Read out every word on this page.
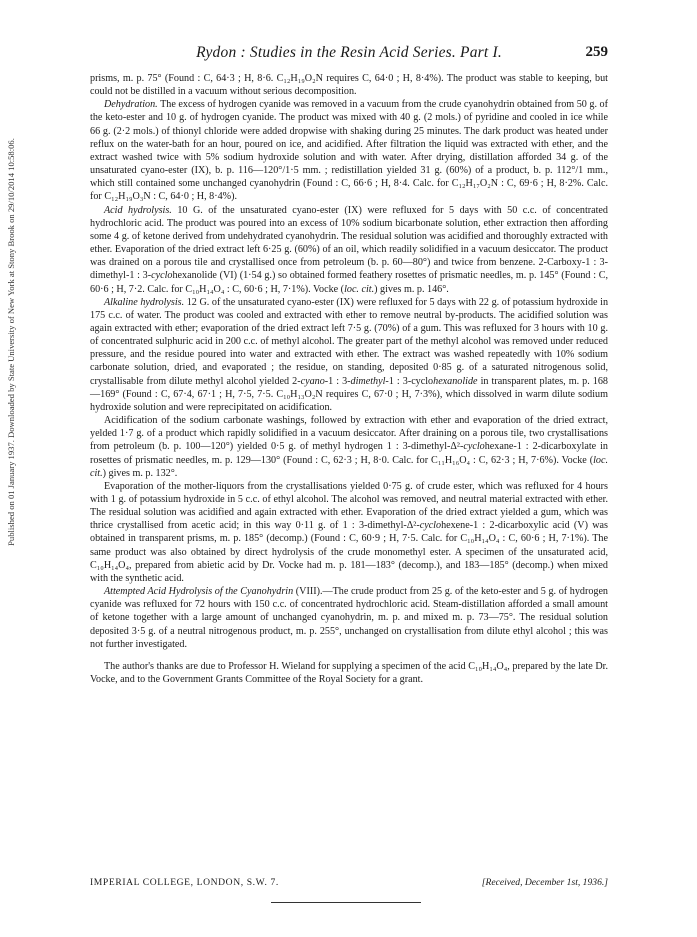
Published on 01 January 1937. Downloaded by State University of New York at Stony Brook on 29/10/2014 10:58:06.
Rydon : Studies in the Resin Acid Series. Part I.	259

prisms, m. p. 75° (Found : C, 64·3 ; H, 8·6. C₁₂H₁₉O₂N requires C, 64·0 ; H, 8·4%). The product was stable to keeping, but could not be distilled in a vacuum without serious decomposition.

Dehydration. The excess of hydrogen cyanide was removed in a vacuum from the crude cyanohydrin obtained from 50 g. of the keto-ester and 10 g. of hydrogen cyanide. The product was mixed with 40 g. (2 mols.) of pyridine and cooled in ice while 66 g. (2·2 mols.) of thionyl chloride were added dropwise with shaking during 25 minutes. The dark product was heated under reflux on the water-bath for an hour, poured on ice, and acidified. After filtration the liquid was extracted with ether, and the extract washed twice with 5% sodium hydroxide solution and with water. After drying, distillation afforded 34 g. of the unsaturated cyano-ester (IX), b. p. 116—120°/1·5 mm. ; redistillation yielded 31 g. (60%) of a product, b. p. 112°/1 mm., which still contained some unchanged cyanohydrin (Found : C, 66·6 ; H, 8·4. Calc. for C₁₂H₁₇O₂N : C, 69·6 ; H, 8·2%. Calc. for C₁₂H₁₉O₃N : C, 64·0 ; H, 8·4%).

Acid hydrolysis. 10 G. of the unsaturated cyano-ester (IX) were refluxed for 5 days with 50 c.c. of concentrated hydrochloric acid. The product was poured into an excess of 10% sodium bicarbonate solution, ether extraction then affording some 4 g. of ketone derived from undehydrated cyanohydrin. The residual solution was acidified and thoroughly extracted with ether. Evaporation of the dried extract left 6·25 g. (60%) of an oil, which readily solidified in a vacuum desiccator. The product was drained on a porous tile and crystallised once from petroleum (b. p. 60—80°) and twice from benzene. 2-Carboxy-1 : 3-dimethyl-1 : 3-cyclohexanolide (VI) (1·54 g.) so obtained formed feathery rosettes of prismatic needles, m. p. 145° (Found : C, 60·6 ; H, 7·2. Calc. for C₁₀H₁₄O₄ : C, 60·6 ; H, 7·1%). Vocke (loc. cit.) gives m. p. 146°.

Alkaline hydrolysis. 12 G. of the unsaturated cyano-ester (IX) were refluxed for 5 days with 22 g. of potassium hydroxide in 175 c.c. of water. The product was cooled and extracted with ether to remove neutral by-products. The acidified solution was again extracted with ether; evaporation of the dried extract left 7·5 g. (70%) of a gum. This was refluxed for 3 hours with 10 g. of concentrated sulphuric acid in 200 c.c. of methyl alcohol. The greater part of the methyl alcohol was removed under reduced pressure, and the residue poured into water and extracted with ether. The extract was washed repeatedly with 10% sodium carbonate solution, dried, and evaporated ; the residue, on standing, deposited 0·85 g. of a saturated nitrogenous solid, crystallisable from dilute methyl alcohol yielded 2-cyano-1 : 3-dimethyl-1 : 3-cyclohexanolide in transparent plates, m. p. 168—169° (Found : C, 67·4, 67·1 ; H, 7·5, 7·5. C₁₀H₁₃O₂N requires C, 67·0 ; H, 7·3%), which dissolved in warm dilute sodium hydroxide solution and were reprecipitated on acidification.

Acidification of the sodium carbonate washings, followed by extraction with ether and evaporation of the dried extract, yelded 1·7 g. of a product which rapidly solidified in a vacuum desiccator. After draining on a porous tile, two crystallisations from petroleum (b. p. 100—120°) yielded 0·5 g. of methyl hydrogen 1 : 3-dimethyl-Δ²-cyclohexane-1 : 2-dicarboxylate in rosettes of prismatic needles, m. p. 129—130° (Found : C, 62·3 ; H, 8·0. Calc. for C₁₁H₁₆O₄ : C, 62·3 ; H, 7·6%). Vocke (loc. cit.) gives m. p. 132°.

Evaporation of the mother-liquors from the crystallisations yielded 0·75 g. of crude ester, which was refluxed for 4 hours with 1 g. of potassium hydroxide in 5 c.c. of ethyl alcohol. The alcohol was removed, and neutral material extracted with ether. The residual solution was acidified and again extracted with ether. Evaporation of the dried extract yielded a gum, which was thrice crystallised from acetic acid; in this way 0·11 g. of 1 : 3-dimethyl-Δ²-cyclohexene-1 : 2-dicarboxylic acid (V) was obtained in transparent prisms, m. p. 185° (decomp.) (Found : C, 60·9 ; H, 7·5. Calc. for C₁₀H₁₄O₄ : C, 60·6 ; H, 7·1%). The same product was also obtained by direct hydrolysis of the crude monomethyl ester. A specimen of the unsaturated acid, C₁₀H₁₄O₄, prepared from abietic acid by Dr. Vocke had m. p. 181—183° (decomp.), and 183—185° (decomp.) when mixed with the synthetic acid.

Attempted Acid Hydrolysis of the Cyanohydrin (VIII).—The crude product from 25 g. of the keto-ester and 5 g. of hydrogen cyanide was refluxed for 72 hours with 150 c.c. of concentrated hydrochloric acid. Steam-distillation afforded a small amount of ketone together with a large amount of unchanged cyanohydrin, m. p. and mixed m. p. 73—75°. The residual solution deposited 3·5 g. of a neutral nitrogenous product, m. p. 255°, unchanged on crystallisation from dilute ethyl alcohol ; this was not further investigated.

The author's thanks are due to Professor H. Wieland for supplying a specimen of the acid C₁₀H₁₄O₄, prepared by the late Dr. Vocke, and to the Government Grants Committee of the Royal Society for a grant.

IMPERIAL COLLEGE, LONDON, S.W. 7.	[Received, December 1st, 1936.]
